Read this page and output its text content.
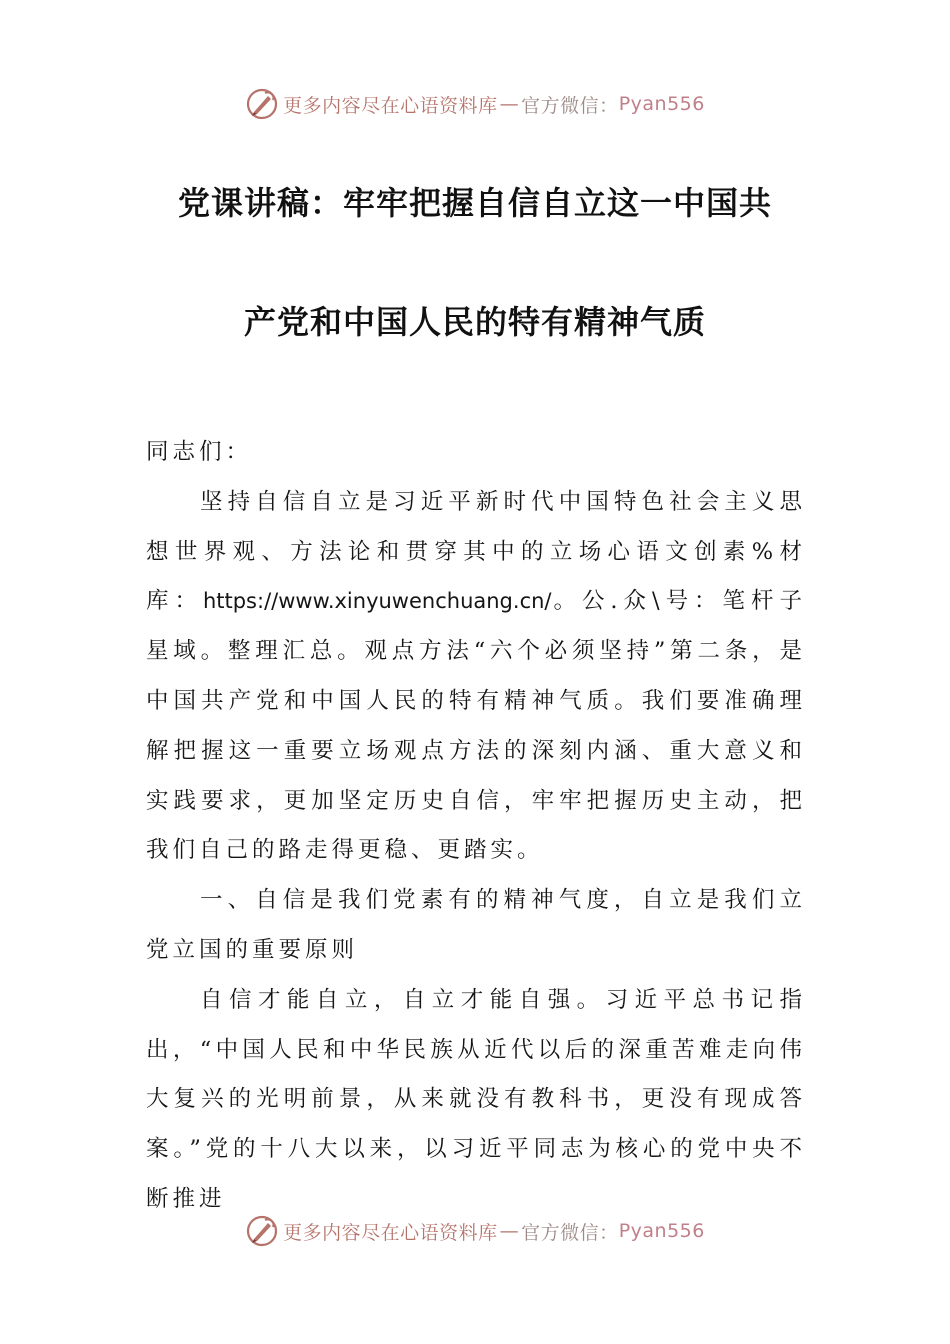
更多内容尽在心语资料库 — 官方微信： Pyan556
党课讲稿：牢牢把握自信自立这一中国共
产党和中国人民的特有精神气质

同志们：

坚持自信自立是习近平新时代中国特色社会主义思想世界观、方法论和贯穿其中的立场心语文创素%材库：https://www.xinyuwenchuang.cn/。公.众\号：笔杆子星域。整理汇总。观点方法“六个必须坚持”第二条，是中国共产党和中国人民的特有精神气质。我们要准确理解把握这一重要立场观点方法的深刻内涵、重大意义和实践要求，更加坚定历史自信，牢牢把握历史主动，把我们自己的路走得更稳、更踏实。

一、自信是我们党素有的精神气度，自立是我们立党立国的重要原则

自信才能自立，自立才能自强。习近平总书记指出，“中国人民和中华民族从近代以后的深重苦难走向伟大复兴的光明前景，从来就没有教科书，更没有现成答案。”党的十八大以来，以习近平同志为核心的党中央不断推进

更多内容尽在心语资料库 — 官方微信： Pyan556
